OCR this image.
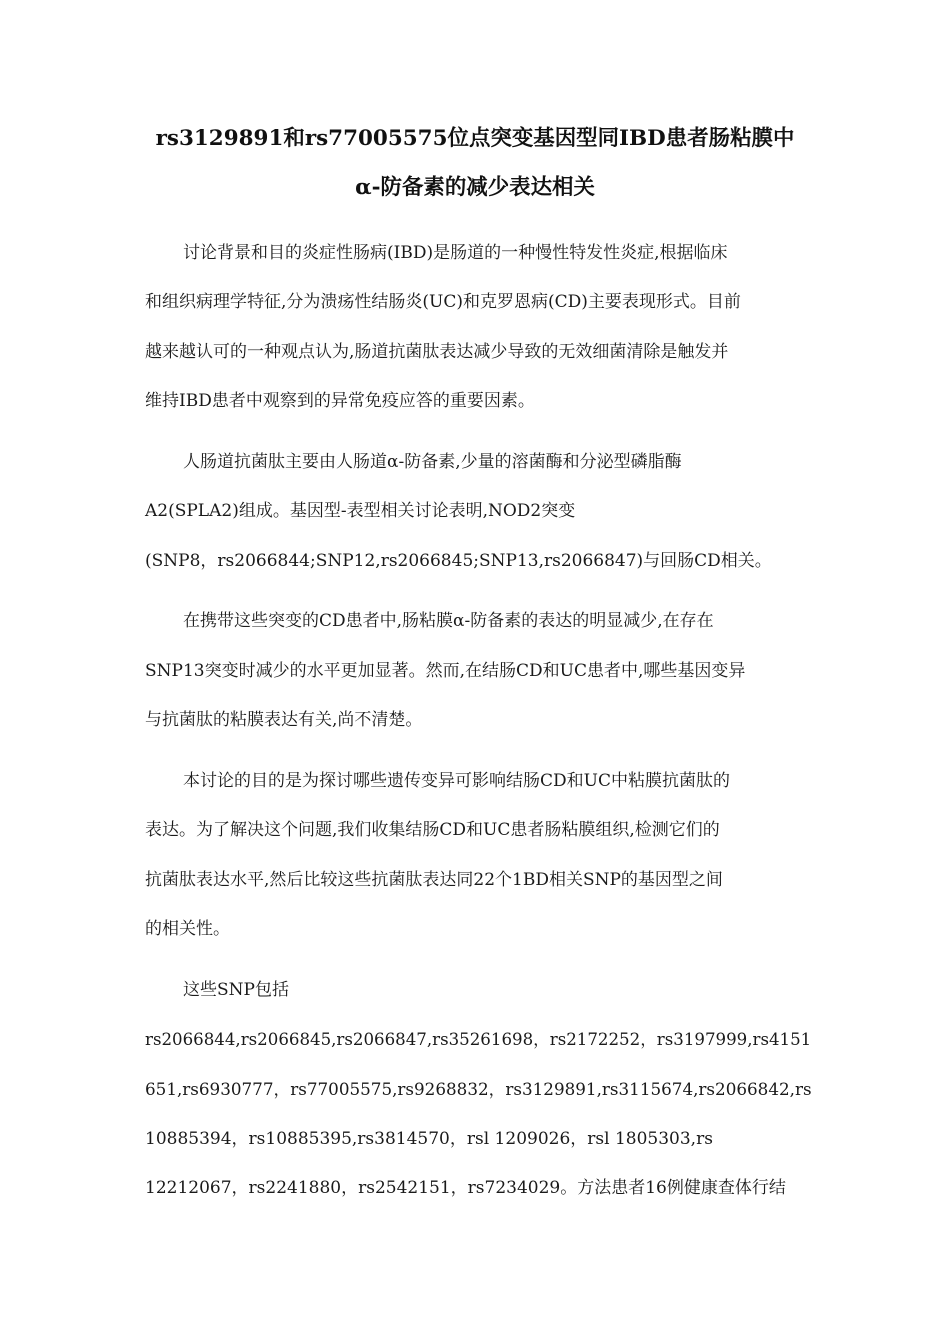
rs3129891和rs77005575位点突变基因型同IBD患者肠粘膜中
α-防备素的减少表达相关
讨论背景和目的炎症性肠病(IBD)是肠道的一种慢性特发性炎症,根据临床
和组织病理学特征,分为溃疡性结肠炎(UC)和克罗恩病(CD)主要表现形式。目前
越来越认可的一种观点认为,肠道抗菌肽表达减少导致的无效细菌清除是触发并
维持IBD患者中观察到的异常免疫应答的重要因素。
人肠道抗菌肽主要由人肠道α-防备素,少量的溶菌酶和分泌型磷脂酶
A2(SPLA2)组成。基因型-表型相关讨论表明,NOD2突变
(SNP8，rs2066844;SNP12,rs2066845;SNP13,rs2066847)与回肠CD相关。
在携带这些突变的CD患者中,肠粘膜α-防备素的表达的明显减少,在存在
SNP13突变时减少的水平更加显著。然而,在结肠CD和UC患者中,哪些基因变异
与抗菌肽的粘膜表达有关,尚不清楚。
本讨论的目的是为探讨哪些遗传变异可影响结肠CD和UC中粘膜抗菌肽的
表达。为了解决这个问题,我们收集结肠CD和UC患者肠粘膜组织,检测它们的
抗菌肽表达水平,然后比较这些抗菌肽表达同22个1BD相关SNP的基因型之间
的相关性。
这些SNP包括
rs2066844,rs2066845,rs2066847,rs35261698，rs2172252，rs3197999,rs4151
651,rs6930777，rs77005575,rs9268832，rs3129891,rs3115674,rs2066842,rs
10885394，rs10885395,rs3814570，rsl 1209026，rsl 1805303,rs
12212067，rs2241880，rs2542151，rs7234029。方法患者16例健康查体行结
